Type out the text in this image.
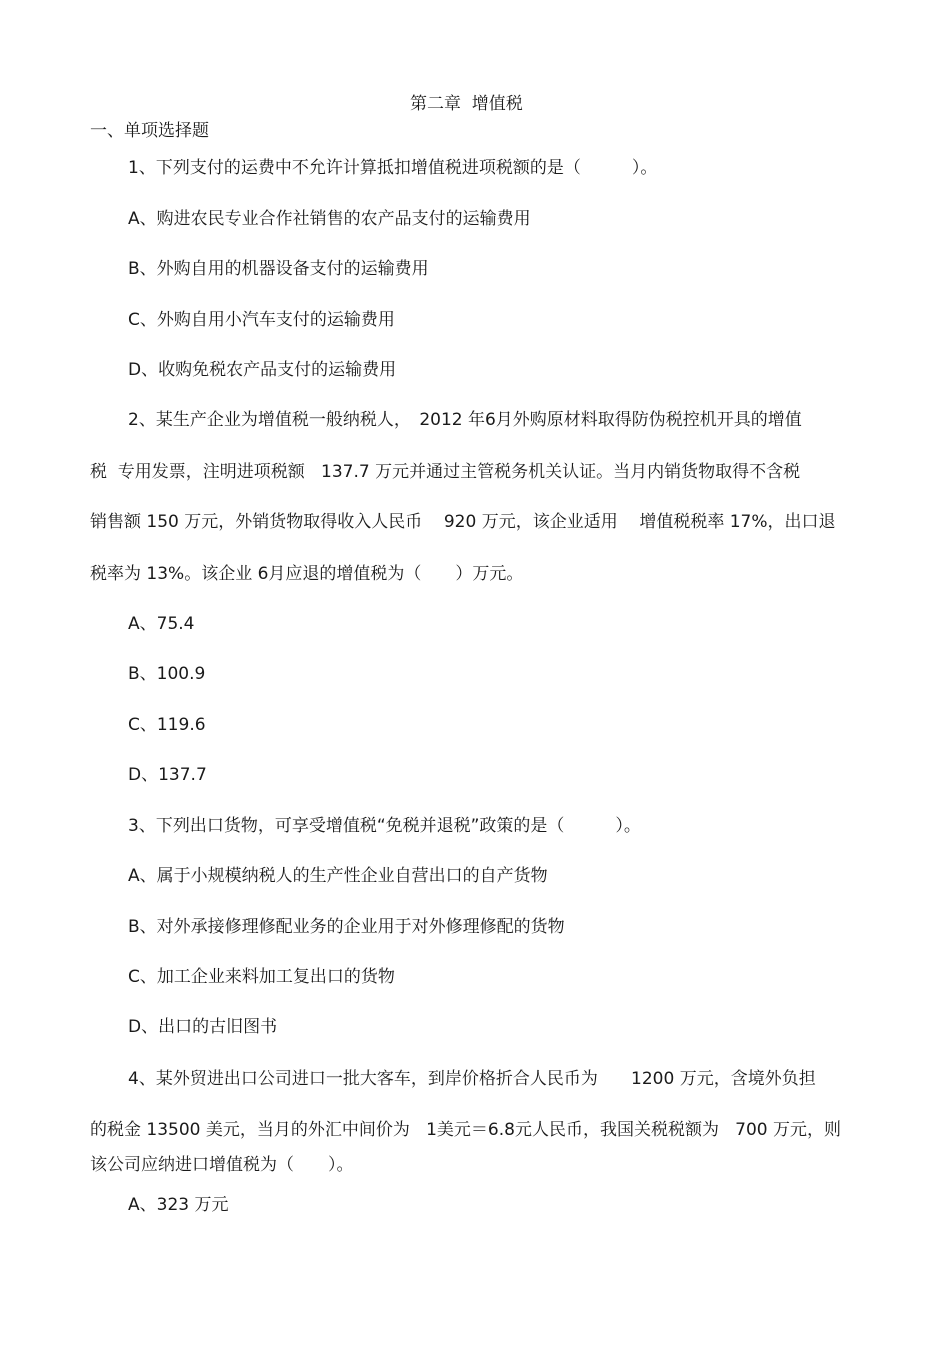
第二章  增值税
一、单项选择题
1、下列支付的运费中不允许计算抵扣增值税进项税额的是（　　　）。
A、购进农民专业合作社销售的农产品支付的运输费用
B、外购自用的机器设备支付的运输费用
C、外购自用小汽车支付的运输费用
D、收购免税农产品支付的运输费用
2、某生产企业为增值税一般纳税人，　2012 年6月外购原材料取得防伪税控机开具的增值
税  专用发票，注明进项税额   137.7 万元并通过主管税务机关认证。当月内销货物取得不含税
销售额 150 万元，外销货物取得收入人民币    920 万元，该企业适用    增值税税率 17%，出口退
税率为 13%。该企业 6月应退的增值税为（　　）万元。
A、75.4
B、100.9
C、119.6
D、137.7
3、下列出口货物，可享受增值税“免税并退税”政策的是（　　　）。
A、属于小规模纳税人的生产性企业自营出口的自产货物
B、对外承接修理修配业务的企业用于对外修理修配的货物
C、加工企业来料加工复出口的货物
D、出口的古旧图书
4、某外贸进出口公司进口一批大客车，到岸价格折合人民币为　   1200 万元，含境外负担
的税金 13500 美元，当月的外汇中间价为   1美元＝6.8元人民币，我国关税税额为   700 万元，则
该公司应纳进口增值税为（　　）。
A、323 万元
